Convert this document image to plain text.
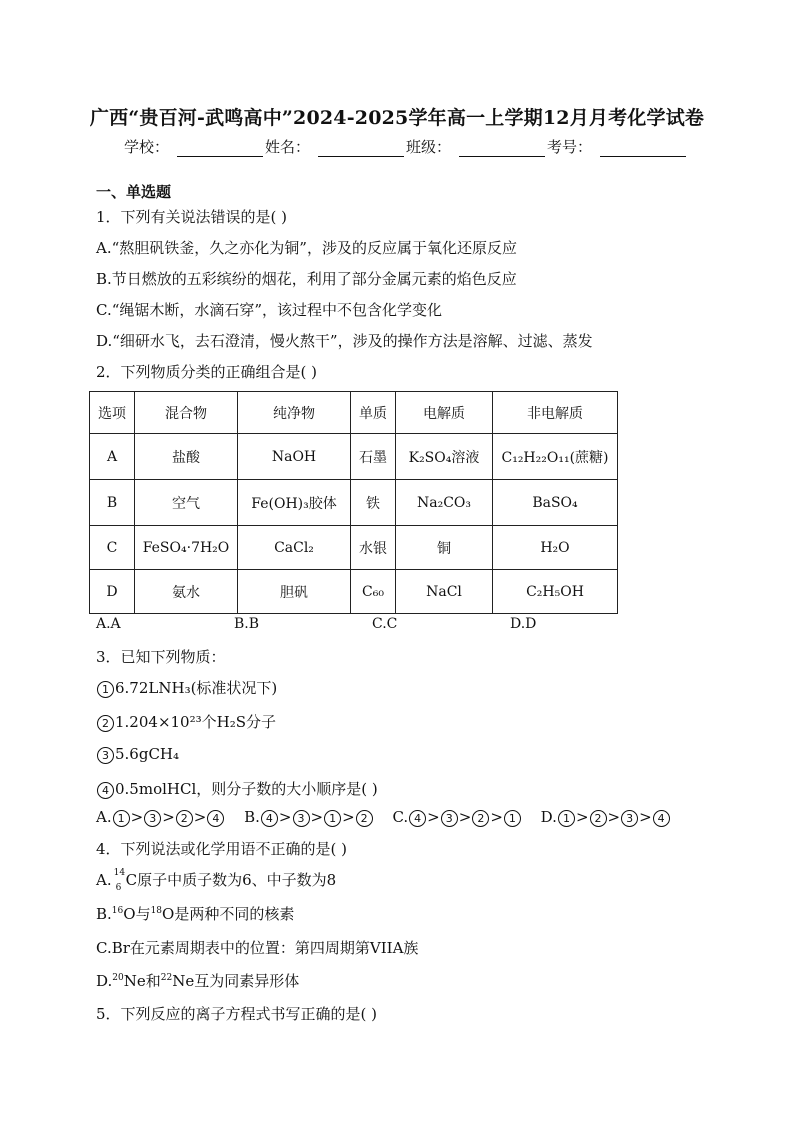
广西“贵百河-武鸣高中”2024-2025学年高一上学期12月月考化学试卷
学校：	姓名：	班级：	考号：
一、单选题
1．下列有关说法错误的是( )
A.“熬胆矾铁釜，久之亦化为铜”，涉及的反应属于氧化还原反应
B.节日燃放的五彩缤纷的烟花，利用了部分金属元素的焰色反应
C.“绳锯木断，水滴石穿”，该过程中不包含化学变化
D.“细研水飞，去石澄清，慢火熬干”，涉及的操作方法是溶解、过滤、蒸发
2．下列物质分类的正确组合是( )
选项	混合物	纯净物	单质	电解质	非电解质
A	盐酸	NaOH	石墨	K₂SO₄溶液	C₁₂H₂₂O₁₁(蔗糖)
B	空气	Fe(OH)₃胶体	铁	Na₂CO₃	BaSO₄
C	FeSO₄·7H₂O	CaCl₂	水银	铜	H₂O
D	氨水	胆矾	C₆₀	NaCl	C₂H₅OH
A.A	B.B	C.C	D.D
3．已知下列物质：
1 6.72LNH₃(标准状况下)
2 1.204×10²³个H₂S分子
3 5.6gCH₄
4 0.5molHCl，则分子数的大小顺序是( )
A. 1 > 3 > 2 > 4 B. 4 > 3 > 1 > 2 C. 4 > 3 > 2 > 1 D. 1 > 2 > 3 > 4
4．下列说法或化学用语不正确的是( )
A. 14
6 C原子中质子数为6、中子数为8
B.$^{16}$O与$^{18}$O是两种不同的核素
C.Br在元素周期表中的位置：第四周期第VIIA族
D.$^{20}$Ne和$^{22}$Ne互为同素异形体
5．下列反应的离子方程式书写正确的是( )
